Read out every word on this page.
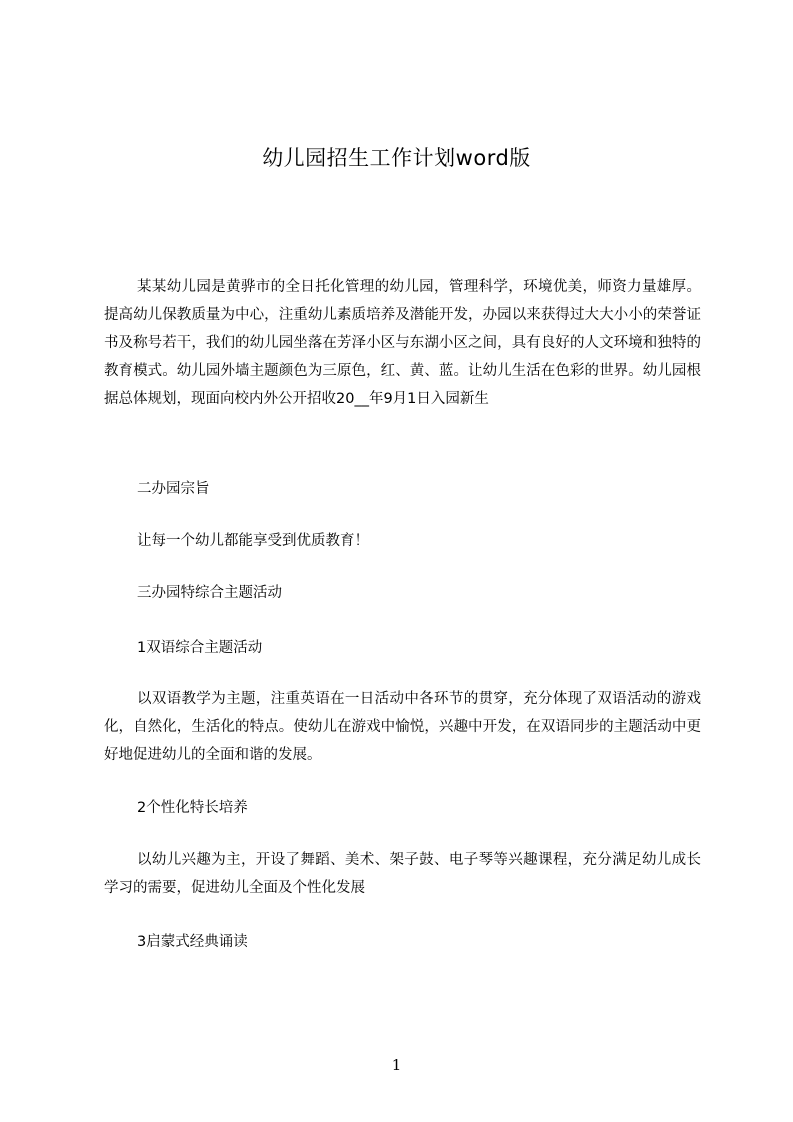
幼儿园招生工作计划word版

某某幼儿园是黄骅市的全日托化管理的幼儿园，管理科学，环境优美，师资力量雄厚。提高幼儿保教质量为中心，注重幼儿素质培养及潜能开发，办园以来获得过大大小小的荣誉证书及称号若干，我们的幼儿园坐落在芳泽小区与东湖小区之间，具有良好的人文环境和独特的教育模式。幼儿园外墙主题颜色为三原色，红、黄、蓝。让幼儿生活在色彩的世界。幼儿园根据总体规划，现面向校内外公开招收20__年9月1日入园新生

二办园宗旨
让每一个幼儿都能享受到优质教育！
三办园特综合主题活动
1双语综合主题活动

以双语教学为主题，注重英语在一日活动中各环节的贯穿，充分体现了双语活动的游戏化，自然化，生活化的特点。使幼儿在游戏中愉悦，兴趣中开发，在双语同步的主题活动中更好地促进幼儿的全面和谐的发展。

2个性化特长培养

以幼儿兴趣为主，开设了舞蹈、美术、架子鼓、电子琴等兴趣课程，充分满足幼儿成长学习的需要，促进幼儿全面及个性化发展

3启蒙式经典诵读
1
